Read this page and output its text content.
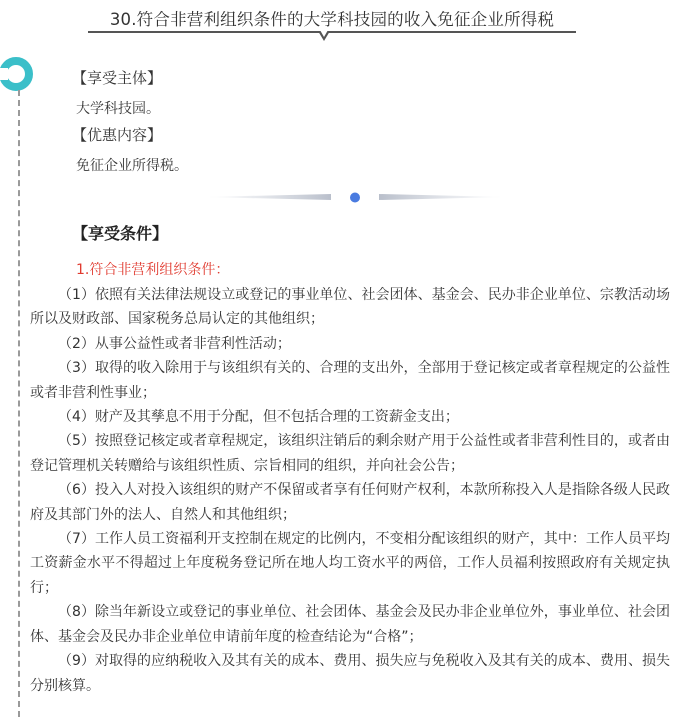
30.符合非营利组织条件的大学科技园的收入免征企业所得税
【享受主体】
大学科技园。
【优惠内容】
免征企业所得税。
【享受条件】
1.符合非营利组织条件：

（1）依照有关法律法规设立或登记的事业单位、社会团体、基金会、民办非企业单位、宗教活动场所以及财政部、国家税务总局认定的其他组织；

（2）从事公益性或者非营利性活动；

（3）取得的收入除用于与该组织有关的、合理的支出外，全部用于登记核定或者章程规定的公益性或者非营利性事业；

（4）财产及其孳息不用于分配，但不包括合理的工资薪金支出；

（5）按照登记核定或者章程规定，该组织注销后的剩余财产用于公益性或者非营利性目的，或者由登记管理机关转赠给与该组织性质、宗旨相同的组织，并向社会公告；

（6）投入人对投入该组织的财产不保留或者享有任何财产权利，本款所称投入人是指除各级人民政府及其部门外的法人、自然人和其他组织；

（7）工作人员工资福利开支控制在规定的比例内，不变相分配该组织的财产，其中：工作人员平均工资薪金水平不得超过上年度税务登记所在地人均工资水平的两倍，工作人员福利按照政府有关规定执行；

（8）除当年新设立或登记的事业单位、社会团体、基金会及民办非企业单位外，事业单位、社会团体、基金会及民办非企业单位申请前年度的检查结论为“合格”；

（9）对取得的应纳税收入及其有关的成本、费用、损失应与免税收入及其有关的成本、费用、损失分别核算。
